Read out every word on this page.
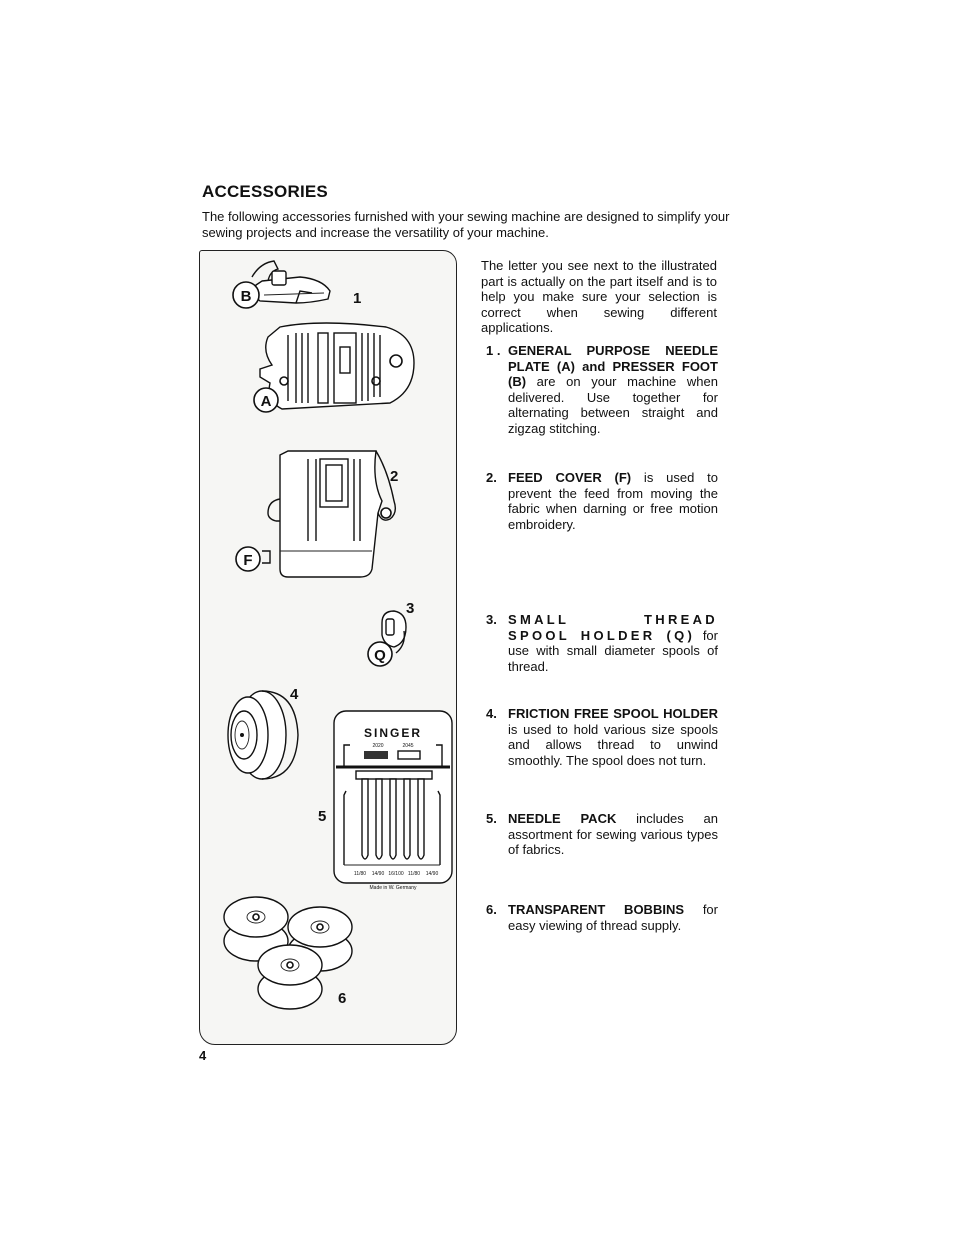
ACCESSORIES

The following accessories furnished with your sewing machine are designed to simplify your sewing projects and increase the versatility of your machine.

B	1
A
2
F
3
Q
4
SINGER
2020	2045
11/80 14/90 16/100 11/80 14/90
Made in W. Germany
5
6

The letter you see next to the illustrated part is actually on the part itself and is to help you make sure your selection is correct when sewing different applications.

1 . GENERAL PURPOSE NEEDLE PLATE (A) and PRESSER FOOT (B) are on your machine when delivered. Use together for alternating between straight and zigzag stitching.
2. FEED COVER (F) is used to prevent the feed from moving the fabric when darning or free motion embroidery.
3. SMALL THREAD SPOOL HOLDER (Q) for use with small diameter spools of thread.
4. FRICTION FREE SPOOL HOLDER is used to hold various size spools and allows thread to unwind smoothly. The spool does not turn.
5. NEEDLE PACK includes an assortment for sewing various types of fabrics.
6. TRANSPARENT BOBBINS for easy viewing of thread supply.
4
